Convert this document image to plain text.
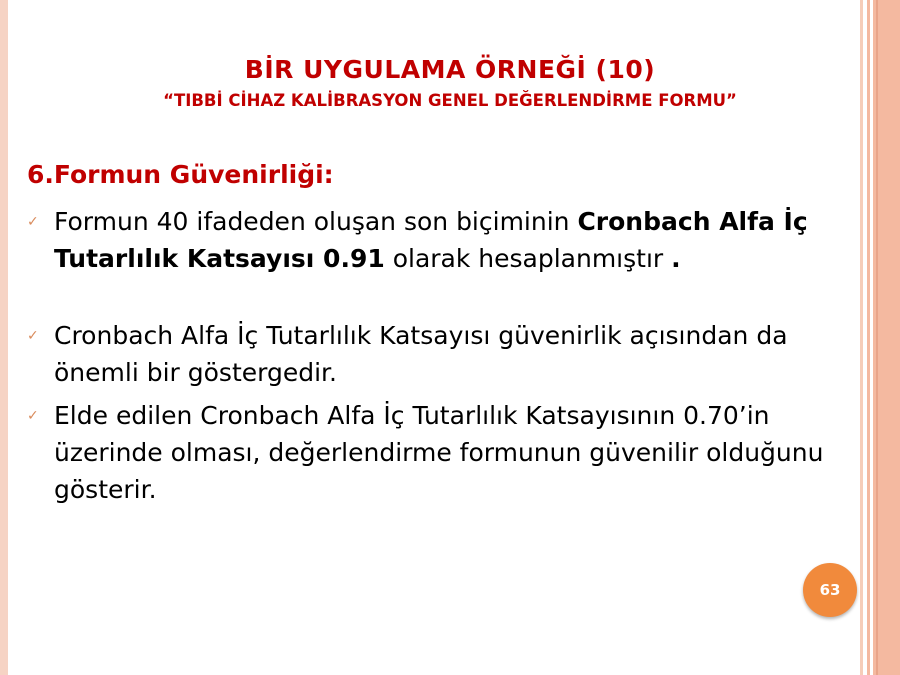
BİR UYGULAMA ÖRNEĞİ (10)
“TIBBİ CİHAZ KALİBRASYON GENEL DEĞERLENDİRME FORMU”
6.Formun Güvenirliği:
✓ Formun 40 ifadeden oluşan son biçiminin Cronbach Alfa İç Tutarlılık Katsayısı 0.91 olarak hesaplanmıştır .
✓ Cronbach Alfa İç Tutarlılık Katsayısı güvenirlik açısından da önemli bir göstergedir.
✓ Elde edilen Cronbach Alfa İç Tutarlılık Katsayısının 0.70’in üzerinde olması, değerlendirme formunun güvenilir olduğunu gösterir.
63
